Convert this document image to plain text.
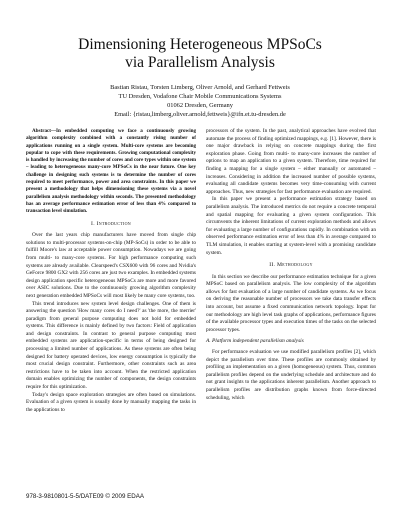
Dimensioning Heterogeneous MPSoCs
via Parallelism Analysis
Bastian Ristau, Torsten Limberg, Oliver Arnold, and Gerhard Fettweis
TU Dresden, Vodafone Chair Mobile Communications Systems
01062 Dresden, Germany
Email: {ristau,limberg,oliver.arnold,fettweis}@ifn.et.tu-dresden.de

Abstract—In embedded computing we face a continuously growing algorithm complexity combined with a constantly rising number of applications running on a single system. Multi-core systems are becoming popular to cope with these requirements. Growing computational complexity is handled by increasing the number of cores and core types within one system – leading to heterogeneous many-core MPSoCs in the near future. One key challenge in designing such systems is to determine the number of cores required to meet performance, power and area constraints. In this paper we present a methodology that helps dimensioning these systems via a novel parallelism analysis methodology within seconds. The presented methodology has an average performance estimation error of less than 4% compared to transaction level simulation.

I. Introduction

Over the last years chip manufacturers have moved from single chip solutions to multi-processor systems-on-chip (MP-SoCs) in order to be able to fulfill Moore's law at acceptable power consumption. Nowadays we are going from multi- to many-core systems. For high performance computing such systems are already available. Clearspeed's CSX600 with 96 cores and Nvidia's GeForce 9800 GX2 with 256 cores are just two examples. In embedded systems design application specific heterogeneous MPSoCs are more and more favored over ASIC solutions. Due to the continuously growing algorithm complexity next generation embedded MPSoCs will most likely be many core systems, too.

This trend introduces new system level design challenges. One of them is answering the question 'How many cores do I need?' as 'the more, the merrier' paradigm from general purpose computing does not hold for embedded systems. This difference is mainly defined by two factors: Field of application and design constraints. In contrast to general purpose computing most embedded systems are application-specific in terms of being designed for processing a limited number of applications. As these systems are often being designed for battery operated devices, low energy consumption is typically the most crucial design constraint. Furthermore, other constraints such as area restrictions have to be taken into account. When the restricted application domain enables optimizing the number of components, the design constraints require for this optimization.

Today's design space exploration strategies are often based on simulations. Evaluation of a given system is usually done by manually mapping the tasks in the applications to

processors of the system. In the past, analytical approaches have evolved that automate the process of finding optimized mappings, e.g. [1]. However, there is one major drawback in relying on concrete mappings during the first exploration phase. Going from multi- to many-core increases the number of options to map an application to a given system. Therefore, time required for finding a mapping for a single system – either manually or automated – increases. Considering in addition the increased number of possible systems, evaluating all candidate systems becomes very time-consuming with current approaches. Thus, new strategies for fast performance evaluation are required.

In this paper we present a performance estimation strategy based on parallelism analysis. The introduced metrics do not require a concrete temporal and spatial mapping for evaluating a given system configuration. This circumvents the inherent limitations of current exploration methods and allows for evaluating a large number of configurations rapidly. In combination with an observed performance estimation error of less than 4% in average compared to TLM simulation, it enables starting at system-level with a promising candidate system.

II. Methodology

In this section we describe our performance estimation technique for a given MPSoC based on parallelism analysis. The low complexity of the algorithm allows for fast evaluation of a large number of candidate systems. As we focus on deriving the reasonable number of processors we take data transfer effects into account, but assume a fixed communication network topology. Input for our methodology are high level task graphs of applications, performance figures of the available processor types and execution times of the tasks on the selected processor types.

A. Platform independent parallelism analysis

For performance evaluation we use modified parallelism profiles [2], which depict the parallelism over time. These profiles are commonly obtained by profiling an implementation on a given (homogeneous) system. Thus, common parallelism profiles depend on the underlying schedule and architecture and do not grant insights to the applications inherent parallelism. Another approach to parallelism profiles are distribution graphs known from force-directed scheduling, which

978-3-9810801-5-5/DATE09 © 2009 EDAA
